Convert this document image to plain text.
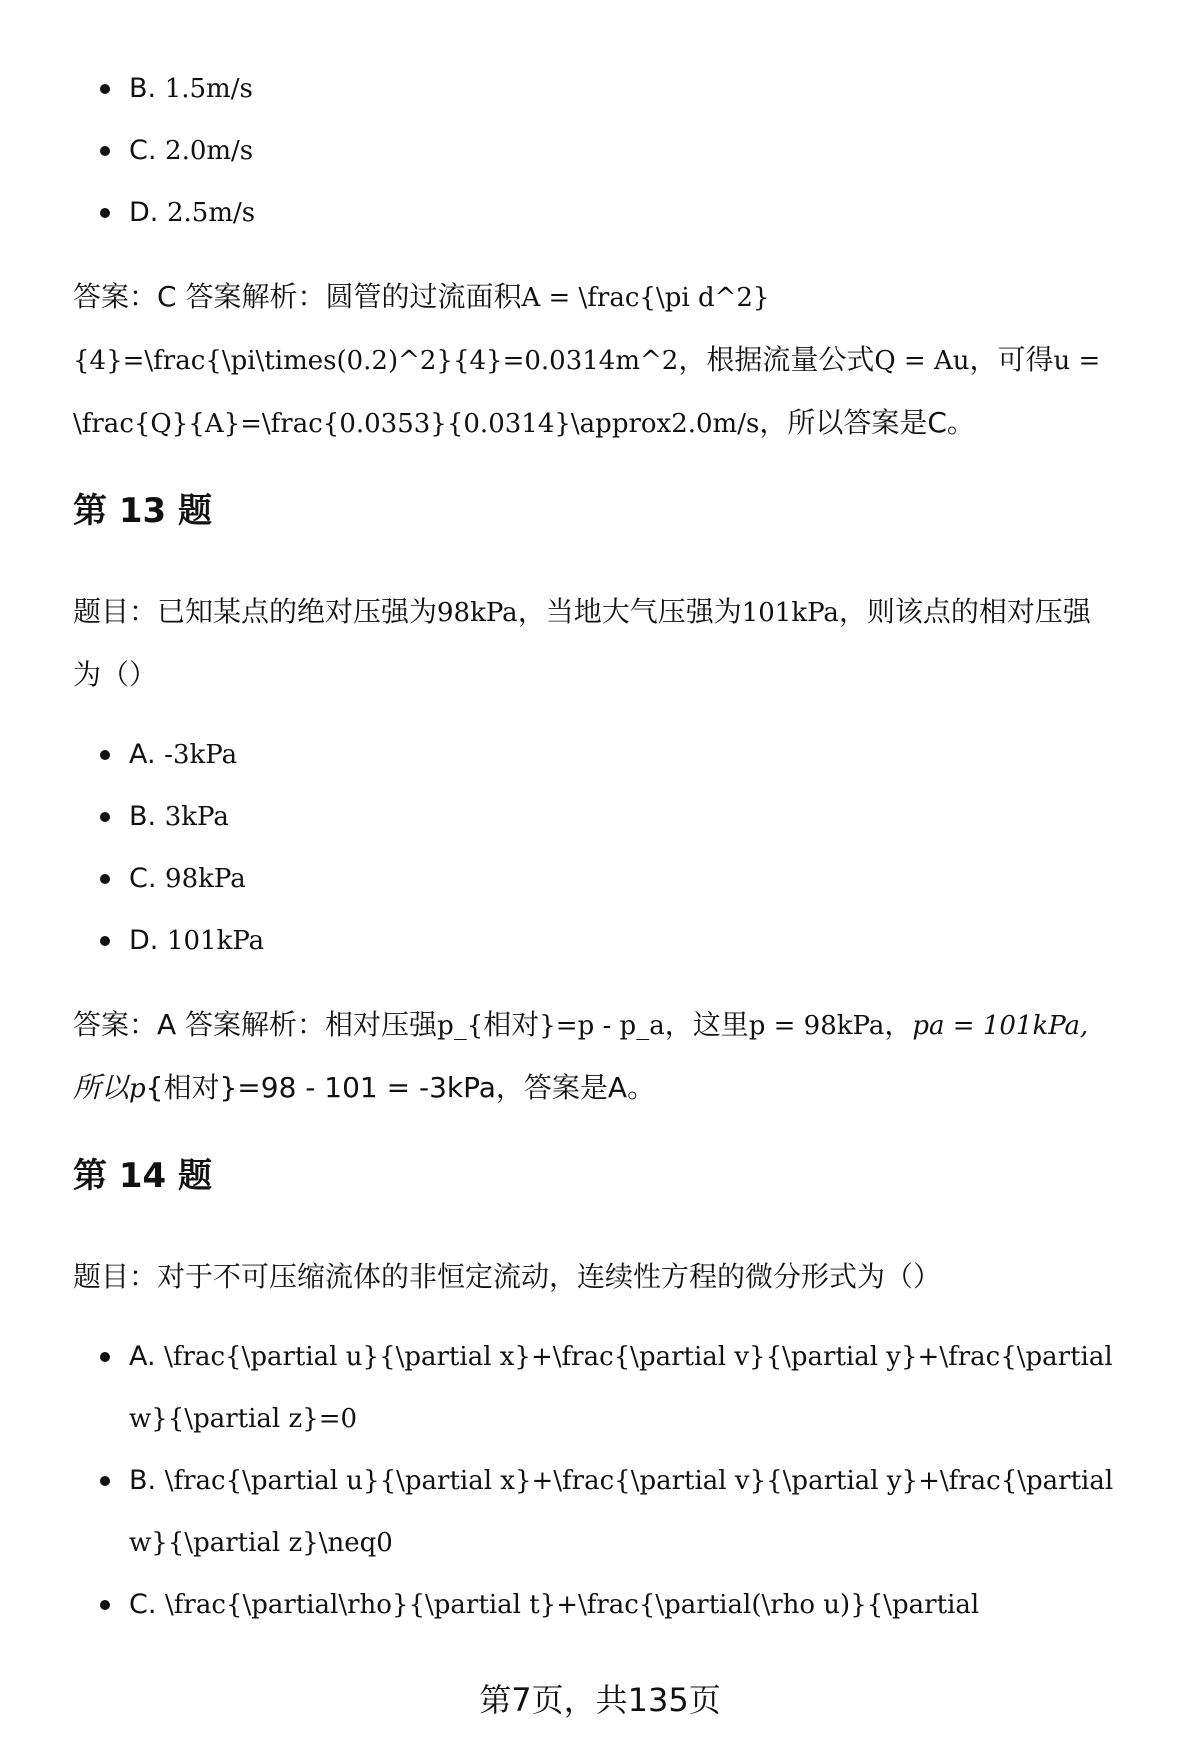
B. 1.5m/s
C. 2.0m/s
D. 2.5m/s

答案：C 答案解析：圆管的过流面积A = \frac{\pi d^2}

{4}=\frac{\pi\times(0.2)^2}{4}=0.0314m^2，根据流量公式Q = Au，可得u =

\frac{Q}{A}=\frac{0.0353}{0.0314}\approx2.0m/s，所以答案是C。

第 13 题

题目：已知某点的绝对压强为98kPa，当地大气压强为101kPa，则该点的相对压强

为（）

A. -3kPa
B. 3kPa
C. 98kPa
D. 101kPa

答案：A 答案解析：相对压强p_{相对}=p - p_a，这里p = 98kPa，pa = 101kPa,

所以p{相对}=98 - 101 = -3kPa，答案是A。

第 14 题

题目：对于不可压缩流体的非恒定流动，连续性方程的微分形式为（）

A. \frac{\partial u}{\partial x}+\frac{\partial v}{\partial y}+\frac{\partial
w}{\partial z}=0
B. \frac{\partial u}{\partial x}+\frac{\partial v}{\partial y}+\frac{\partial
w}{\partial z}\neq0
C. \frac{\partial\rho}{\partial t}+\frac{\partial(\rho u)}{\partial
第7页，共135页
